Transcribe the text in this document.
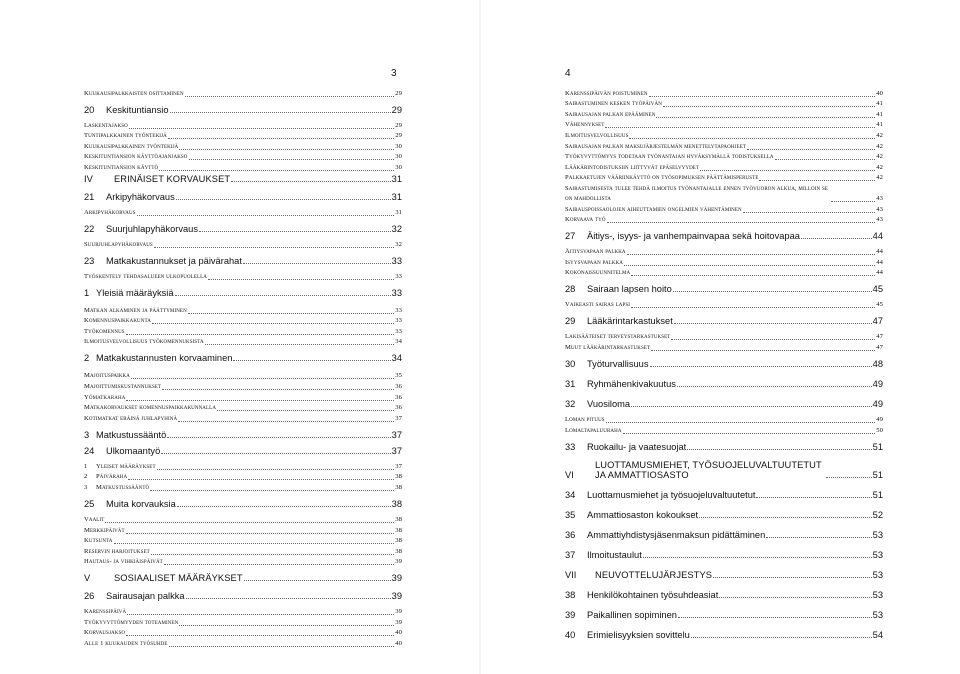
3
Kuukausipalkkaisten osittaminen	29
20	Keskituntiansio	29
Laskentajakso	29
Tuntipalkkainen työntekijä	29
Kuukausipalkkainen työntekijä	30
Keskituntiansion käyttöajanjakso	30
Keskituntiansion käyttö	30
IV	ERINÄISET KORVAUKSET	31
21	Arkipyhäkorvaus	31
Arkipyhäkorvaus	31
22	Suurjuhlapyhäkorvaus	32
Suurjuhlapyhäkorvaus	32
23	Matkakustannukset ja päivärahat	33
Työskentely tehdasalueen ulkopuolella	33
1 Yleisiä määräyksiä	33
Matkan alkaminen ja päättyminen	33
Komennuspaikkakunta	33
Työkomennus	33
Ilmoitusvelvollisuus työkomennuksista	34
2 Matkakustannusten korvaaminen	34
Majoituspaikka	35
Majoittumiskustannukset	36
Yömatkaraha	36
Matkakorvaukset komennuspaikkakunnalla	36
Kotimatkat eräinä juhlapyhinä	37
3 Matkustussääntö	37
24	Ulkomaantyö	37
1	Yleiset määräykset	37
2	Päiväraha	38
3	Matkustussääntö	38
25	Muita korvauksia	38
Vaalit	38
Merkkipäivät	38
Kutsunta	38
Reservin harjoitukset	38
Hautaus- ja vihkiäispäivät	39
V	SOSIAALISET MÄÄRÄYKSET	39
26	Sairausajan palkka	39
Karenssipäivä	39
Työkyvyttömyyden toteaminen	39
Korvausjakso	40
Alle 1 kuukauden työsuhde	40
4
Karenssipäivän poistuminen	40
Sairastuminen kesken työpäivän	41
Sairausajan palkan epääminen	41
Vähennykset	41
Ilmoitusvelvollisuus	42
Sairausajan palkan maksujärjestelmän menettelytapaohjeet	42
Työkyvyttömyys todetaan työnantajan hyväksymällä todistuksella	42
Lääkärintodistuksiin liittyvät epäselvyydet	42
Palkkaetujen vääriinkäyttö on työsopimuksen päättämisperuste	42
Sairastumisesta tulee tehdä ilmoitus työnantajalle ennen työvuoron alkua, milloin se on mahdollista	43
Sairauspoissaolojen aiheuttamien ongelmien vähentäminen	43
Korvaava työ	43
27	Äitiys-, isyys- ja vanhempainvapaa sekä hoitovapaa	44
Äitiysvapaan palkka	44
Isyysvapaan palkka	44
Kokonaissuunnitelma	44
28	Sairaan lapsen hoito	45
Vaikeasti sairas lapsi	45
29	Lääkärintarkastukset	47
Lakisääteiset terveystarkastukset	47
Muut lääkärintarkastukset	47
30	Työturvallisuus	48
31	Ryhmähenkivakuutus	49
32	Vuosiloma	49
Loman pituus	49
Lomaltapaluuraha	50
33	Ruokailu- ja vaatesuojat	51
VI
LUOTTAMUSMIEHET, TYÖSUOJELUVALTUUTETUT JA AMMATTIOSASTO	51
34	Luottamusmiehet ja työsuojeluvaltuutetut	51
35	Ammattiosaston kokoukset	52
36	Ammattiyhdistysjäsenmaksun pidättäminen	53
37	Ilmoitustaulut	53
VII	NEUVOTTELUJÄRJESTYS	53
38	Henkilökohtainen työsuhdeasiat	53
39	Paikallinen sopiminen	53
40	Erimielisyyksien sovittelu	54
